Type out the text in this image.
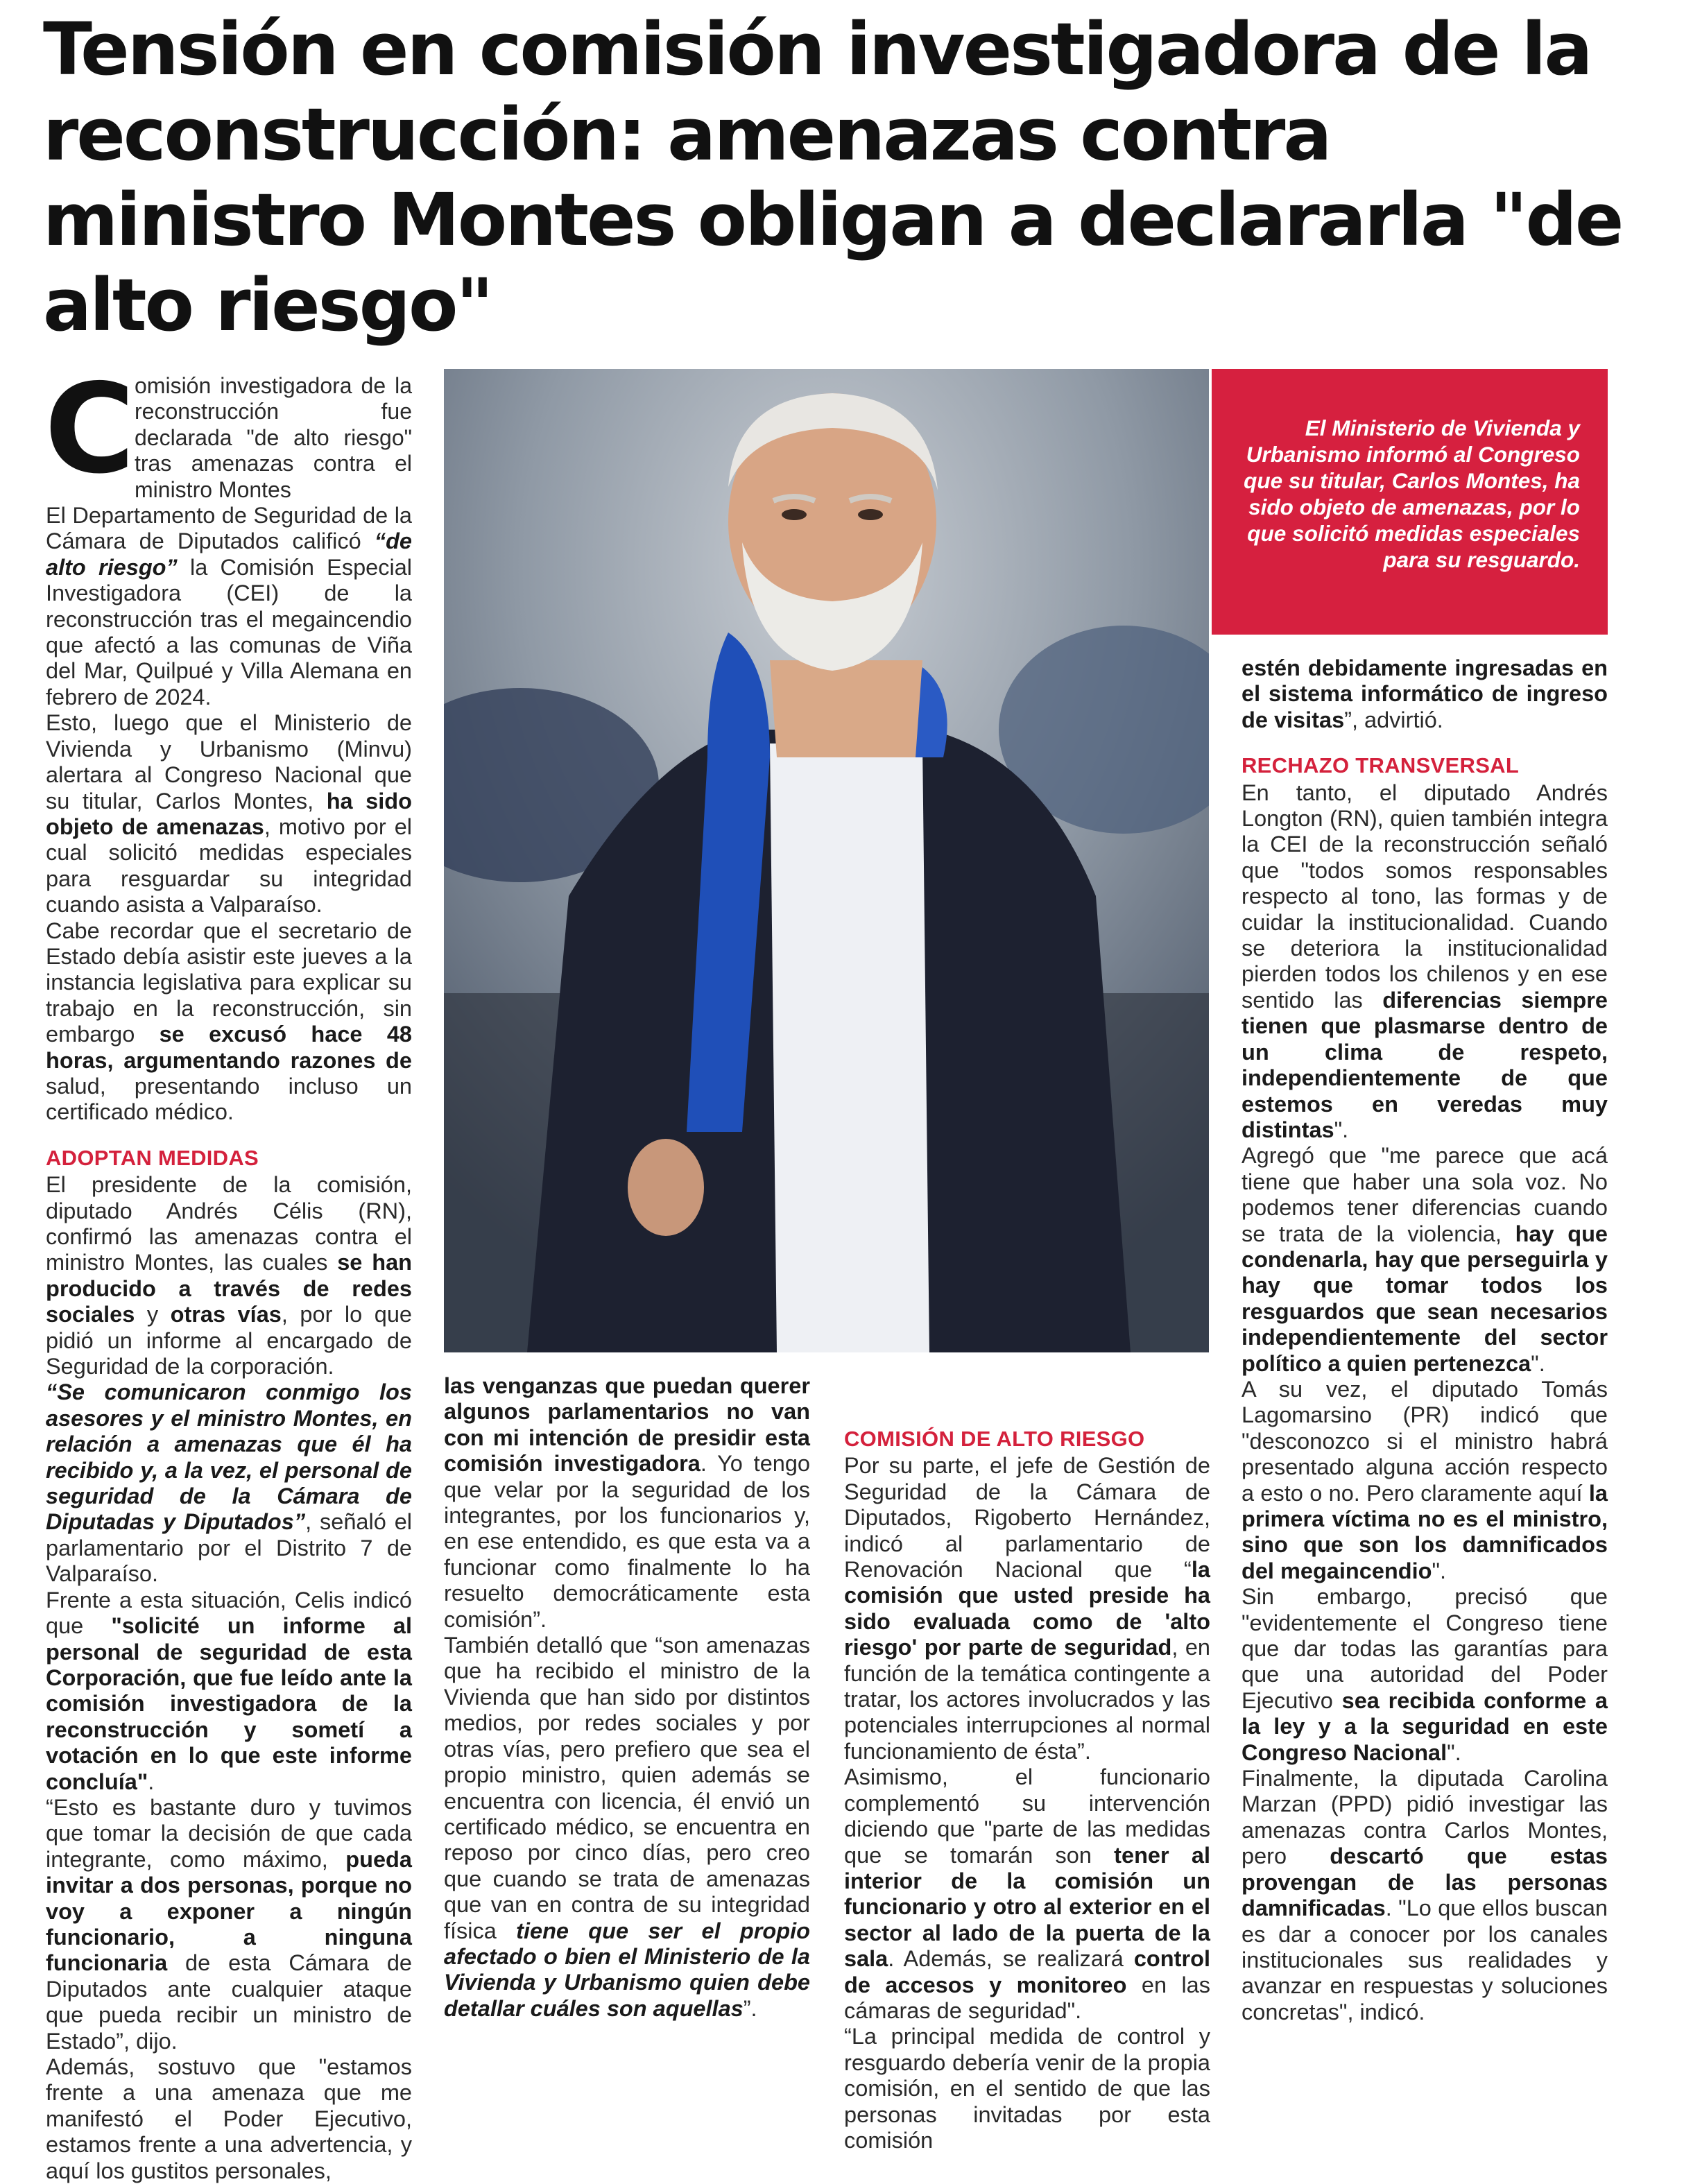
Tensión en comisión investigadora de la reconstrucción: amenazas contra ministro Montes obligan a declararla "de alto riesgo"

Comisión investigadora de la reconstrucción fue declarada "de alto riesgo" tras amenazas contra el ministro Montes

El Departamento de Seguridad de la Cámara de Diputados calificó “de alto riesgo” la Comisión Especial Investigadora (CEI) de la reconstrucción tras el megaincendio que afectó a las comunas de Viña del Mar, Quilpué y Villa Alemana en febrero de 2024.

Esto, luego que el Ministerio de Vivienda y Urbanismo (Minvu) alertara al Congreso Nacional que su titular, Carlos Montes, ha sido objeto de amenazas, motivo por el cual solicitó medidas especiales para resguardar su integridad cuando asista a Valparaíso.

Cabe recordar que el secretario de Estado debía asistir este jueves a la instancia legislativa para explicar su trabajo en la reconstrucción, sin embargo se excusó hace 48 horas, argumentando razones de salud, presentando incluso un certificado médico.

ADOPTAN MEDIDAS

El presidente de la comisión, diputado Andrés Célis (RN), confirmó las amenazas contra el ministro Montes, las cuales se han producido a través de redes sociales y otras vías, por lo que pidió un informe al encargado de Seguridad de la corporación.

“Se comunicaron conmigo los asesores y el ministro Montes, en relación a amenazas que él ha recibido y, a la vez, el personal de seguridad de la Cámara de Diputadas y Diputados”, señaló el parlamentario por el Distrito 7 de Valparaíso.

Frente a esta situación, Celis indicó que "solicité un informe al personal de seguridad de esta Corporación, que fue leído ante la comisión investigadora de la reconstrucción y sometí a votación en lo que este informe concluía".

“Esto es bastante duro y tuvimos que tomar la decisión de que cada integrante, como máximo, pueda invitar a dos personas, porque no voy a exponer a ningún funcionario, a ninguna funcionaria de esta Cámara de Diputados ante cualquier ataque que pueda recibir un ministro de Estado”, dijo.

Además, sostuvo que "estamos frente a una amenaza que me manifestó el Poder Ejecutivo, estamos frente a una advertencia, y aquí los gustitos personales,

El Ministerio de Vivienda y Urbanismo informó al Congreso que su titular, Carlos Montes, ha sido objeto de amenazas, por lo que solicitó medidas especiales para su resguardo.

las venganzas que puedan querer algunos parlamentarios no van con mi intención de presidir esta comisión investigadora. Yo tengo que velar por la seguridad de los integrantes, por los funcionarios y, en ese entendido, es que esta va a funcionar como finalmente lo ha resuelto democráticamente esta comisión”.

También detalló que “son amenazas que ha recibido el ministro de la Vivienda que han sido por distintos medios, por redes sociales y por otras vías, pero prefiero que sea el propio ministro, quien además se encuentra con licencia, él envió un certificado médico, se encuentra en reposo por cinco días, pero creo que cuando se trata de amenazas que van en contra de su integridad física tiene que ser el propio afectado o bien el Ministerio de la Vivienda y Urbanismo quien debe detallar cuáles son aquellas”.

COMISIÓN DE ALTO RIESGO

Por su parte, el jefe de Gestión de Seguridad de la Cámara de Diputados, Rigoberto Hernández, indicó al parlamentario de Renovación Nacional que “la comisión que usted preside ha sido evaluada como de 'alto riesgo' por parte de seguridad, en función de la temática contingente a tratar, los actores involucrados y las potenciales interrupciones al normal funcionamiento de ésta”.

Asimismo, el funcionario complementó su intervención diciendo que "parte de las medidas que se tomarán son tener al interior de la comisión un funcionario y otro al exterior en el sector al lado de la puerta de la sala. Además, se realizará control de accesos y monitoreo en las cámaras de seguridad".

“La principal medida de control y resguardo debería venir de la propia comisión, en el sentido de que las personas invitadas por esta comisión

estén debidamente ingresadas en el sistema informático de ingreso de visitas”, advirtió.

RECHAZO TRANSVERSAL

En tanto, el diputado Andrés Longton (RN), quien también integra la CEI de la reconstrucción señaló que "todos somos responsables respecto al tono, las formas y de cuidar la institucionalidad. Cuando se deteriora la institucionalidad pierden todos los chilenos y en ese sentido las diferencias siempre tienen que plasmarse dentro de un clima de respeto, independientemente de que estemos en veredas muy distintas".

Agregó que "me parece que acá tiene que haber una sola voz. No podemos tener diferencias cuando se trata de la violencia, hay que condenarla, hay que perseguirla y hay que tomar todos los resguardos que sean necesarios independientemente del sector político a quien pertenezca".

A su vez, el diputado Tomás Lagomarsino (PR) indicó que "desconozco si el ministro habrá presentado alguna acción respecto a esto o no. Pero claramente aquí la primera víctima no es el ministro, sino que son los damnificados del megaincendio".

Sin embargo, precisó que "evidentemente el Congreso tiene que dar todas las garantías para que una autoridad del Poder Ejecutivo sea recibida conforme a la ley y a la seguridad en este Congreso Nacional".

Finalmente, la diputada Carolina Marzan (PPD) pidió investigar las amenazas contra Carlos Montes, pero descartó que estas provengan de las personas damnificadas. "Lo que ellos buscan es dar a conocer por los canales institucionales sus realidades y avanzar en respuestas y soluciones concretas", indicó.
